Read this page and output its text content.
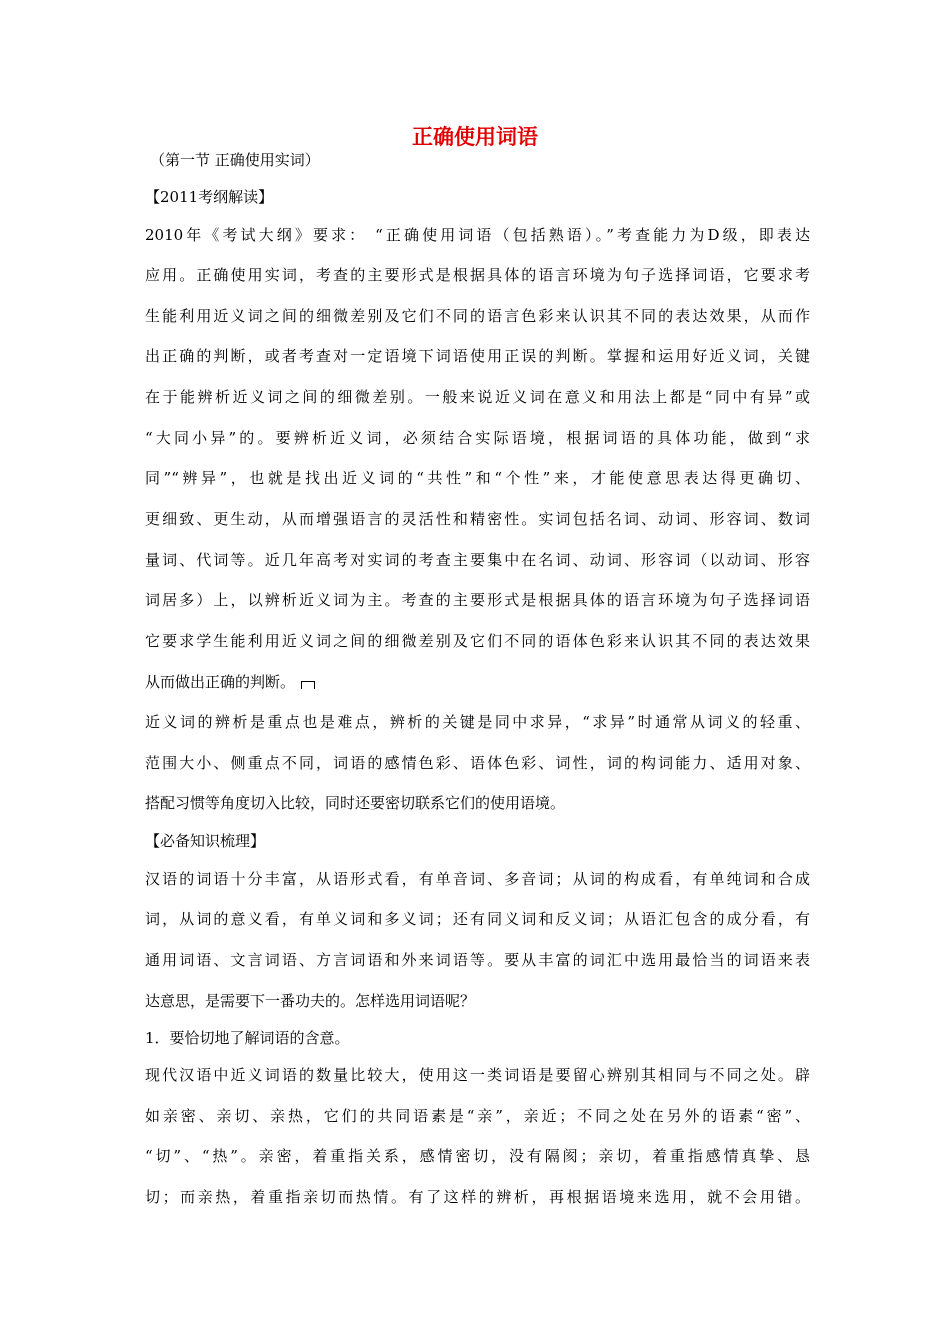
正确使用词语
（第一节 正确使用实词）
【2011考纲解读】
2010年《考试大纲》要求： “正确使用词语（包括熟语）。”考查能力为D级，即表达
应用。正确使用实词，考查的主要形式是根据具体的语言环境为句子选择词语，它要求考
生能利用近义词之间的细微差别及它们不同的语言色彩来认识其不同的表达效果，从而作
出正确的判断，或者考查对一定语境下词语使用正误的判断。掌握和运用好近义词，关键
在于能辨析近义词之间的细微差别。一般来说近义词在意义和用法上都是“同中有异”或
“大同小异”的。要辨析近义词，必须结合实际语境，根据词语的具体功能，做到“求
同”“辨异”，也就是找出近义词的“共性”和“个性”来，才能使意思表达得更确切、
更细致、更生动，从而增强语言的灵活性和精密性。实词包括名词、动词、形容词、数词
量词、代词等。近几年高考对实词的考查主要集中在名词、动词、形容词（以动词、形容
词居多）上，以辨析近义词为主。考查的主要形式是根据具体的语言环境为句子选择词语
它要求学生能利用近义词之间的细微差别及它们不同的语体色彩来认识其不同的表达效果
从而做出正确的判断。
近义词的辨析是重点也是难点，辨析的关键是同中求异，“求异”时通常从词义的轻重、
范围大小、侧重点不同，词语的感情色彩、语体色彩、词性，词的构词能力、适用对象、
搭配习惯等角度切入比较，同时还要密切联系它们的使用语境。
【必备知识梳理】
汉语的词语十分丰富，从语形式看，有单音词、多音词；从词的构成看，有单纯词和合成
词，从词的意义看，有单义词和多义词；还有同义词和反义词；从语汇包含的成分看，有
通用词语、文言词语、方言词语和外来词语等。要从丰富的词汇中选用最恰当的词语来表
达意思，是需要下一番功夫的。怎样选用词语呢？
1．要恰切地了解词语的含意。
现代汉语中近义词语的数量比较大，使用这一类词语是要留心辨别其相同与不同之处。辟
如亲密、亲切、亲热，它们的共同语素是“亲”，亲近；不同之处在另外的语素“密”、
“切”、“热”。亲密，着重指关系，感情密切，没有隔阂；亲切，着重指感情真挚、恳
切；而亲热，着重指亲切而热情。有了这样的辨析，再根据语境来选用，就不会用错。
